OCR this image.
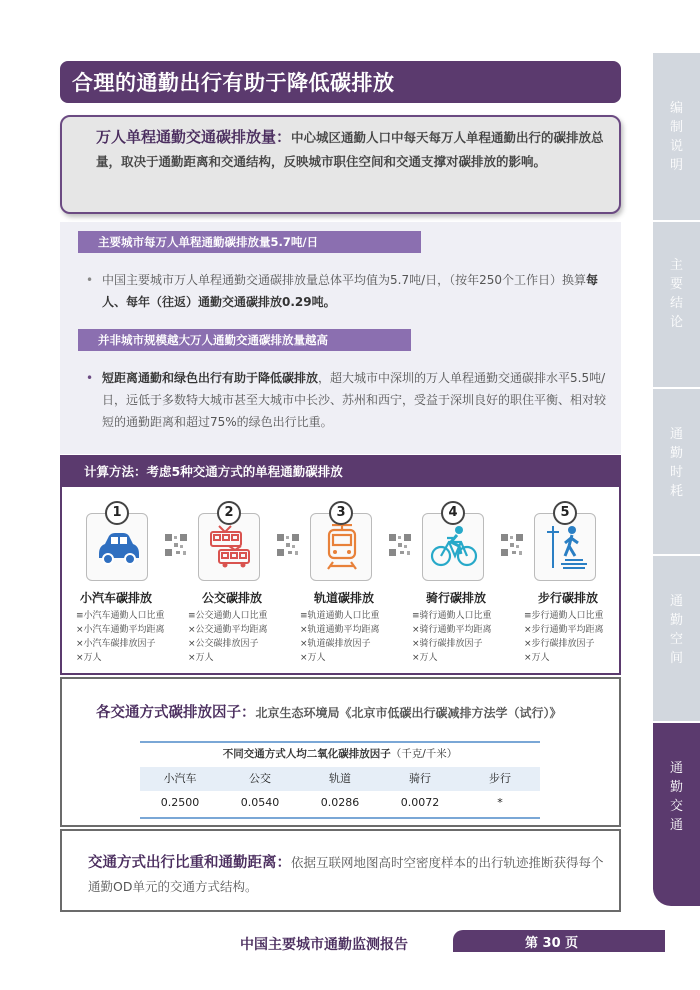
合理的通勤出行有助于降低碳排放
万人单程通勤交通碳排放量：中心城区通勤人口中每天每万人单程通勤出行的碳排放总量，取决于通勤距离和交通结构，反映城市职住空间和交通支撑对碳排放的影响。
主要城市每万人单程通勤碳排放量5.7吨/日
• 中国主要城市万人单程通勤交通碳排放量总体平均值为5.7吨/日，（按年250个工作日）换算每人、每年（往返）通勤交通碳排放0.29吨。
并非城市规模越大万人通勤交通碳排放量越高
• 短距离通勤和绿色出行有助于降低碳排放，超大城市中深圳的万人单程通勤交通碳排水平5.5吨/日，远低于多数特大城市甚至大城市中长沙、苏州和西宁，受益于深圳良好的职住平衡、相对较短的通勤距离和超过75%的绿色出行比重。
计算方法：考虑5种交通方式的单程通勤碳排放
1
小汽车碳排放
≡小汽车通勤人口比重
×小汽车通勤平均距离
×小汽车碳排放因子
×万人
2
公交碳排放
≡公交通勤人口比重
×公交通勤平均距离
×公交碳排放因子
×万人
3
轨道碳排放
≡轨道通勤人口比重
×轨道通勤平均距离
×轨道碳排放因子
×万人
4
骑行碳排放
≡骑行通勤人口比重
×骑行通勤平均距离
×骑行碳排放因子
×万人
5
步行碳排放
≡步行通勤人口比重
×步行通勤平均距离
×步行碳排放因子
×万人
各交通方式碳排放因子：北京生态环境局《北京市低碳出行碳减排方法学（试行）》
不同交通方式人均二氧化碳排放因子（千克/千米）
小汽车	公交	轨道	骑行	步行
0.2500	0.0540	0.0286	0.0072	*
交通方式出行比重和通勤距离：依据互联网地图高时空密度样本的出行轨迹推断获得每个通勤OD单元的交通方式结构。
编制说明
主要结论
通勤时耗
通勤空间
通勤交通
中国主要城市通勤监测报告	第 30 页
